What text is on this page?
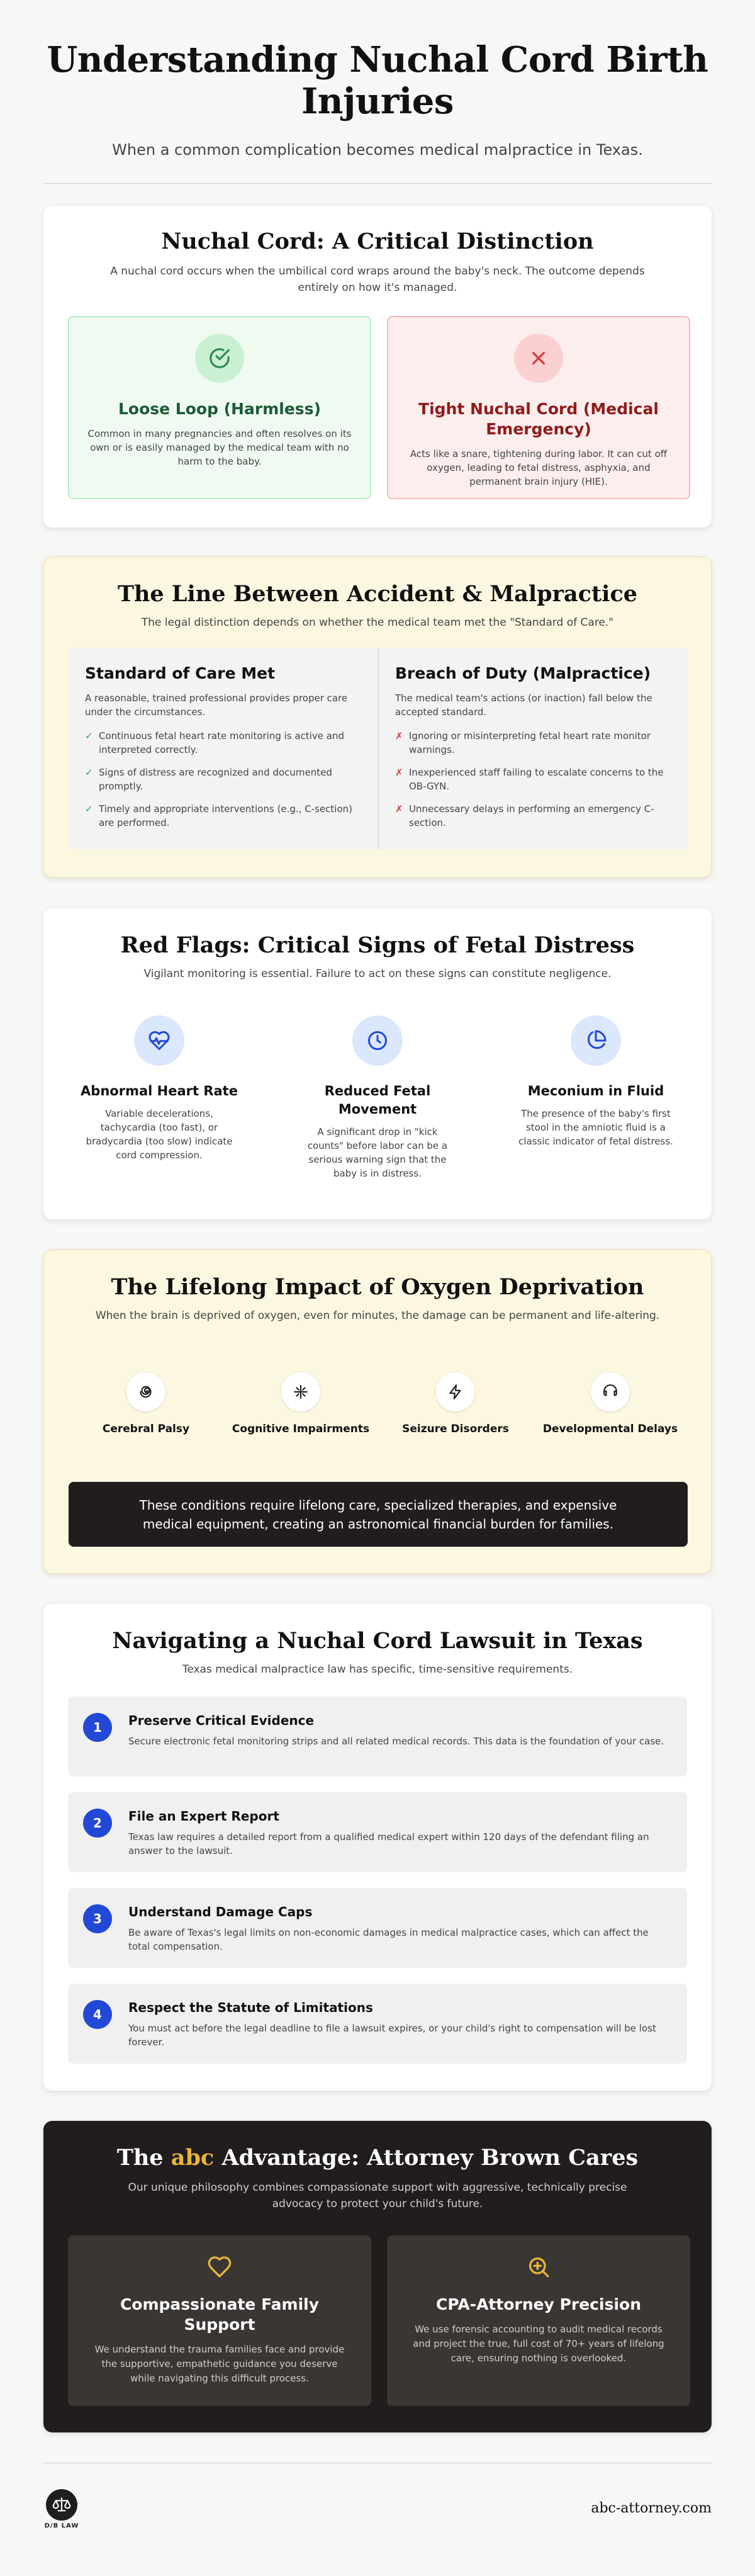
Understanding Nuchal Cord Birth Injuries

When a common complication becomes medical malpractice in Texas.

Nuchal Cord: A Critical Distinction

A nuchal cord occurs when the umbilical cord wraps around the baby's neck. The outcome depends entirely on how it's managed.

Loose Loop (Harmless)

Common in many pregnancies and often resolves on its own or is easily managed by the medical team with no harm to the baby.

Tight Nuchal Cord (Medical Emergency)

Acts like a snare, tightening during labor. It can cut off oxygen, leading to fetal distress, asphyxia, and permanent brain injury (HIE).

The Line Between Accident & Malpractice

The legal distinction depends on whether the medical team met the "Standard of Care."

Standard of Care Met

A reasonable, trained professional provides proper care under the circumstances.

✓ Continuous fetal heart rate monitoring is active and interpreted correctly.
✓ Signs of distress are recognized and documented promptly.
✓ Timely and appropriate interventions (e.g., C-section) are performed.
Breach of Duty (Malpractice)

The medical team's actions (or inaction) fall below the accepted standard.

✗ Ignoring or misinterpreting fetal heart rate monitor warnings.
✗ Inexperienced staff failing to escalate concerns to the OB-GYN.
✗ Unnecessary delays in performing an emergency C-section.
Red Flags: Critical Signs of Fetal Distress

Vigilant monitoring is essential. Failure to act on these signs can constitute negligence.

Abnormal Heart Rate

Variable decelerations, tachycardia (too fast), or bradycardia (too slow) indicate cord compression.

Reduced Fetal Movement

A significant drop in "kick counts" before labor can be a serious warning sign that the baby is in distress.

Meconium in Fluid

The presence of the baby's first stool in the amniotic fluid is a classic indicator of fetal distress.

The Lifelong Impact of Oxygen Deprivation

When the brain is deprived of oxygen, even for minutes, the damage can be permanent and life-altering.

Cerebral Palsy	Cognitive Impairments	Seizure Disorders	Developmental Delays
These conditions require lifelong care, specialized therapies, and expensive medical equipment, creating an astronomical financial burden for families.
Navigating a Nuchal Cord Lawsuit in Texas

Texas medical malpractice law has specific, time-sensitive requirements.

1	Preserve Critical Evidence

Secure electronic fetal monitoring strips and all related medical records. This data is the foundation of your case.

2	File an Expert Report

Texas law requires a detailed report from a qualified medical expert within 120 days of the defendant filing an answer to the lawsuit.

3	Understand Damage Caps

Be aware of Texas's legal limits on non-economic damages in medical malpractice cases, which can affect the total compensation.

4	Respect the Statute of Limitations

You must act before the legal deadline to file a lawsuit expires, or your child's right to compensation will be lost forever.

The abc Advantage: Attorney Brown Cares

Our unique philosophy combines compassionate support with aggressive, technically precise advocacy to protect your child's future.

Compassionate Family Support

We understand the trauma families face and provide the supportive, empathetic guidance you deserve while navigating this difficult process.

CPA-Attorney Precision

We use forensic accounting to audit medical records and project the true, full cost of 70+ years of lifelong care, ensuring nothing is overlooked.

D/B LAW
abc-attorney.com
